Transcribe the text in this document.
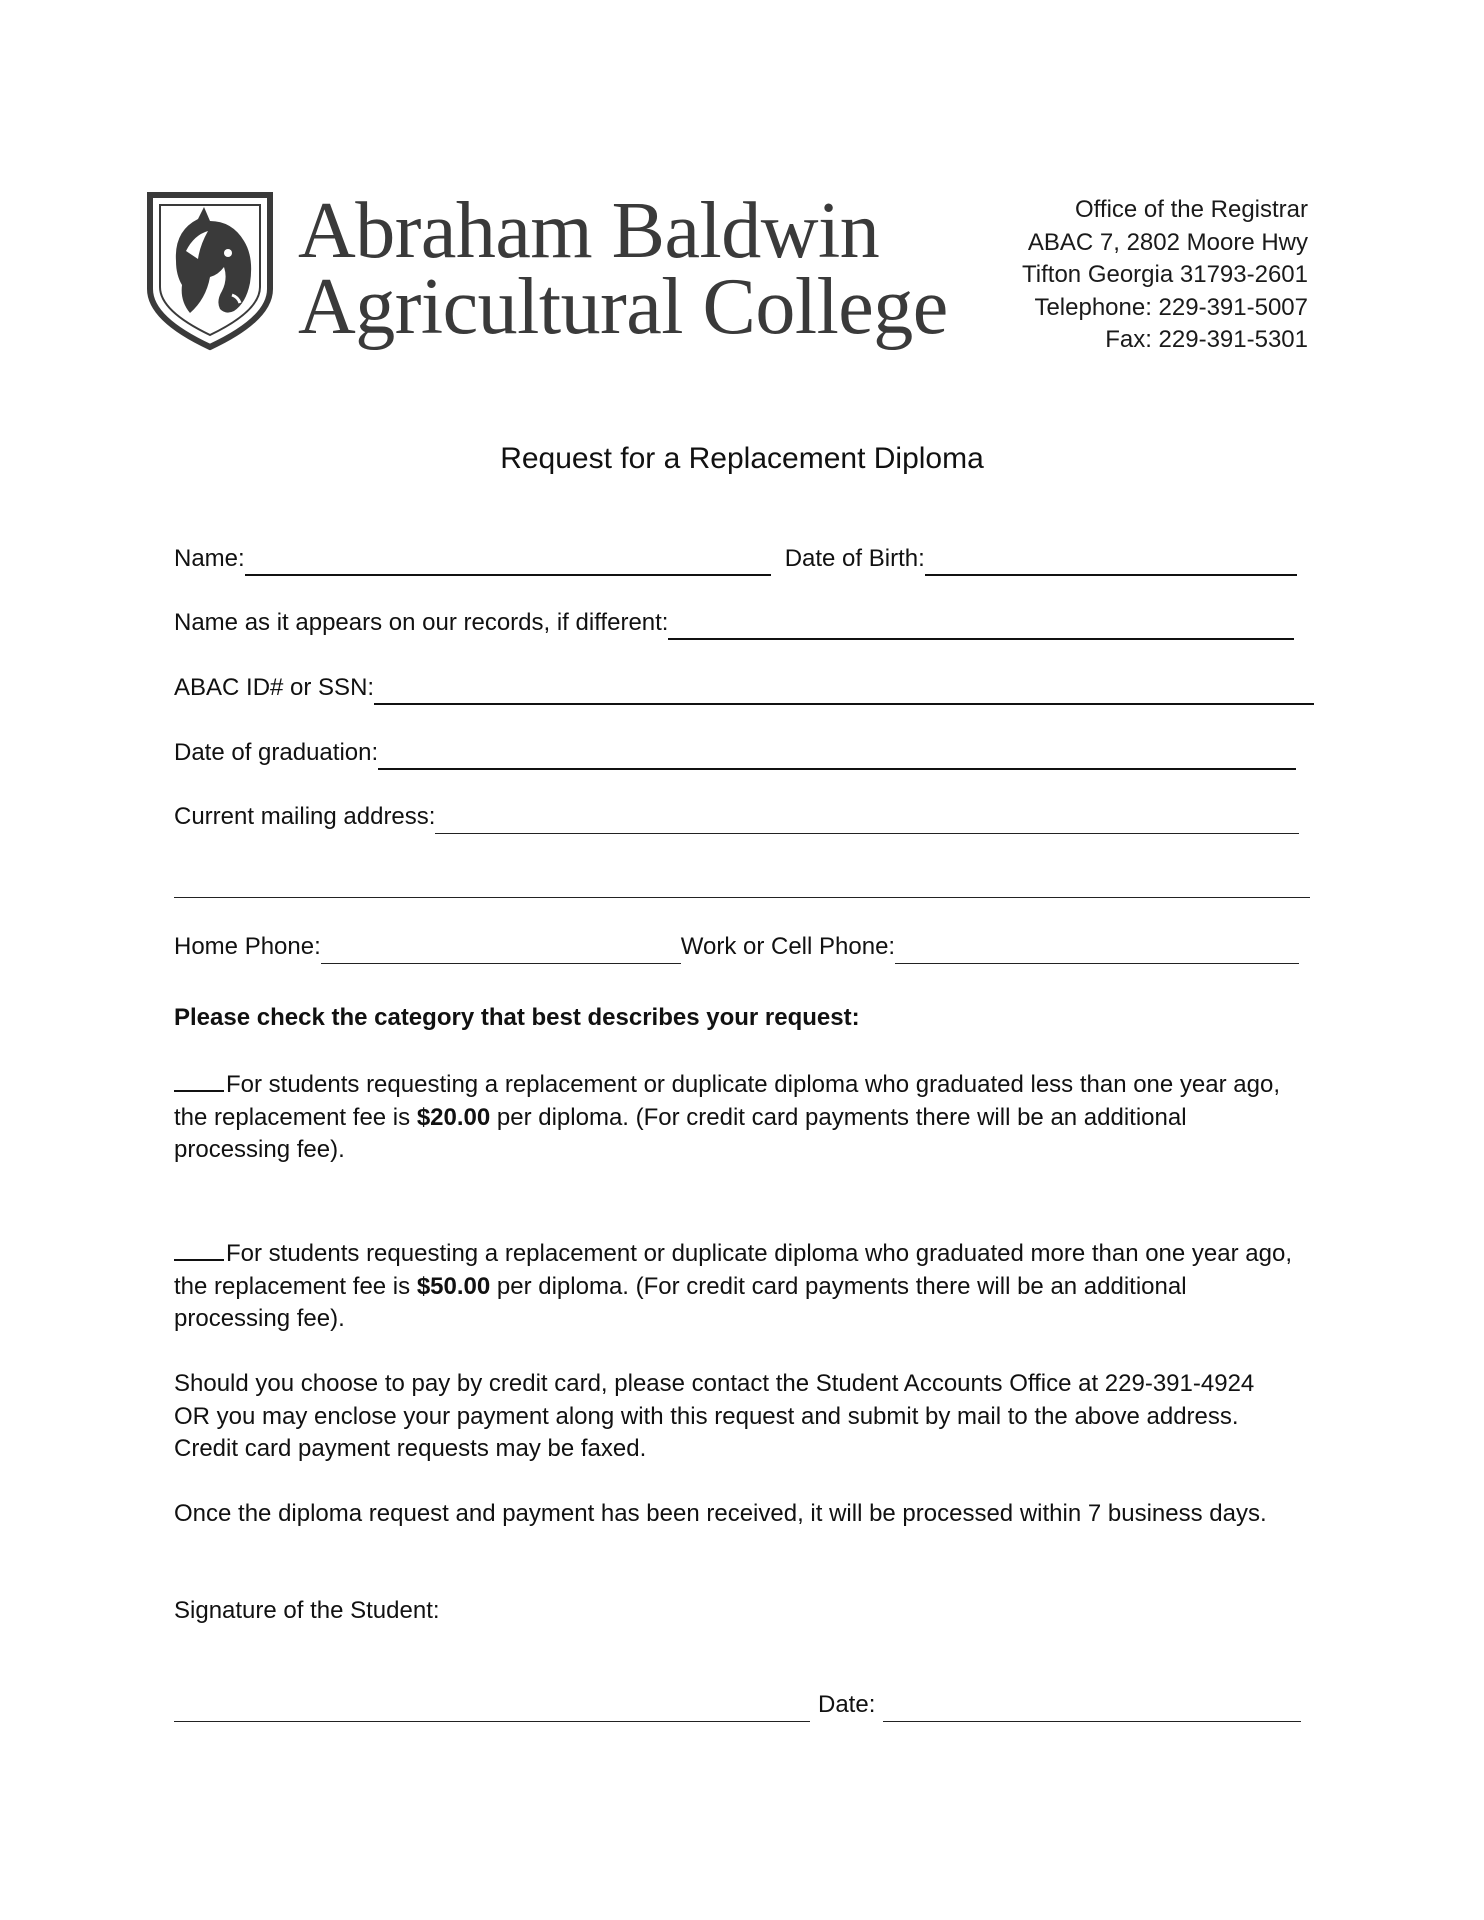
Abraham Baldwin
Agricultural College
Office of the Registrar
ABAC 7, 2802 Moore Hwy
Tifton Georgia 31793-2601
Telephone: 229-391-5007
Fax: 229-391-5301
Request for a Replacement Diploma
Name:	Date of Birth:
Name as it appears on our records, if different:
ABAC ID# or SSN:
Date of graduation:
Current mailing address:
Home Phone:	Work or Cell Phone:
Please check the category that best describes your request:
For students requesting a replacement or duplicate diploma who graduated less than one year ago, the replacement fee is $20.00 per diploma. (For credit card payments there will be an additional processing fee).
For students requesting a replacement or duplicate diploma who graduated more than one year ago, the replacement fee is $50.00 per diploma. (For credit card payments there will be an additional processing fee).
Should you choose to pay by credit card, please contact the Student Accounts Office at 229-391-4924 OR you may enclose your payment along with this request and submit by mail to the above address. Credit card payment requests may be faxed.
Once the diploma request and payment has been received, it will be processed within 7 business days.
Signature of the Student:
Date:
